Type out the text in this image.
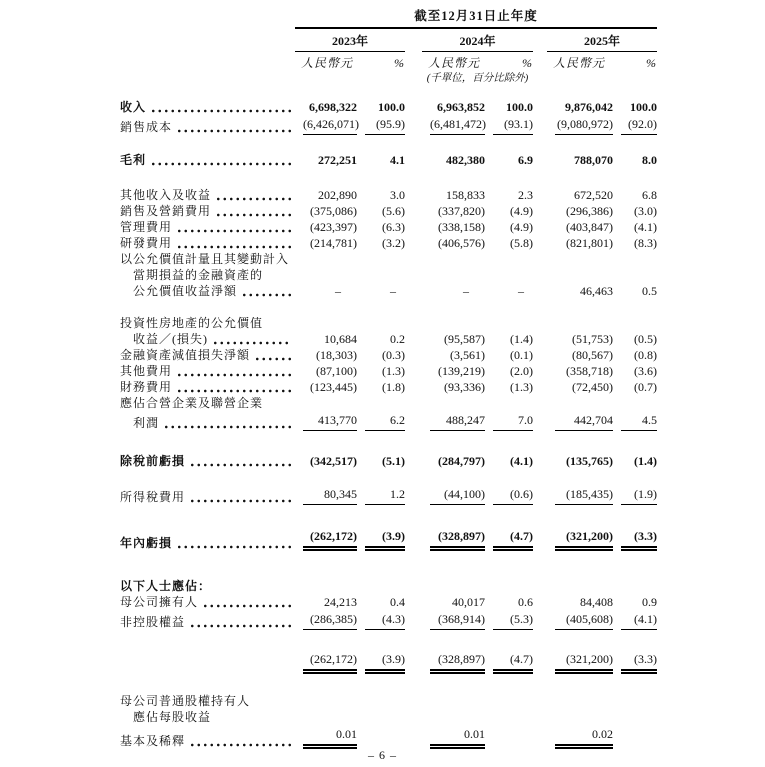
	截至12月31日止年度							
	2023年			2024年			2025年	

	人民幣元 %			人民幣元 %			人民幣元 %	

				(千單位，百分比除外)				

收入	6,698,322	100.0		6,963,852	100.0		9,876,042	100.0

銷售成本	(6,426,071)	(95.9)		(6,481,472)	(93.1)		(9,080,972)	(92.0)

毛利	272,251	4.1		482,380	6.9		788,070	8.0

其他收入及收益	202,890	3.0		158,833	2.3		672,520	6.8

銷售及營銷費用	(375,086)	(5.6)		(337,820)	(4.9)		(296,386)	(3.0)

管理費用	(423,397)	(6.3)		(338,158)	(4.9)		(403,847)	(4.1)

研發費用	(214,781)	(3.2)		(406,576)	(5.8)		(821,801)	(8.3)

以公允價值計量且其變動計入								
當期損益的金融資產的								

公允價值收益淨額	–	–		–	–		46,463	0.5

投資性房地產的公允價值								

收益／(損失)	10,684	0.2		(95,587)	(1.4)		(51,753)	(0.5)

金融資產減值損失淨額	(18,303)	(0.3)		(3,561)	(0.1)		(80,567)	(0.8)

其他費用	(87,100)	(1.3)		(139,219)	(2.0)		(358,718)	(3.6)

財務費用	(123,445)	(1.8)		(93,336)	(1.3)		(72,450)	(0.7)

應佔合營企業及聯營企業								

利潤	413,770	6.2		488,247	7.0		442,704	4.5

除稅前虧損	(342,517)	(5.1)		(284,797)	(4.1)		(135,765)	(1.4)

所得稅費用	80,345	1.2		(44,100)	(0.6)		(185,435)	(1.9)

年內虧損	(262,172)	(3.9)		(328,897)	(4.7)		(321,200)	(3.3)

以下人士應佔：								

母公司擁有人	24,213	0.4		40,017	0.6		84,408	0.9

非控股權益	(286,385)	(4.3)		(368,914)	(5.3)		(405,608)	(4.1)

	(262,172)	(3.9)		(328,897)	(4.7)		(321,200)	(3.3)

母公司普通股權持有人								
應佔每股收益								

基本及稀釋	0.01			0.01			0.02	

– 6 –
